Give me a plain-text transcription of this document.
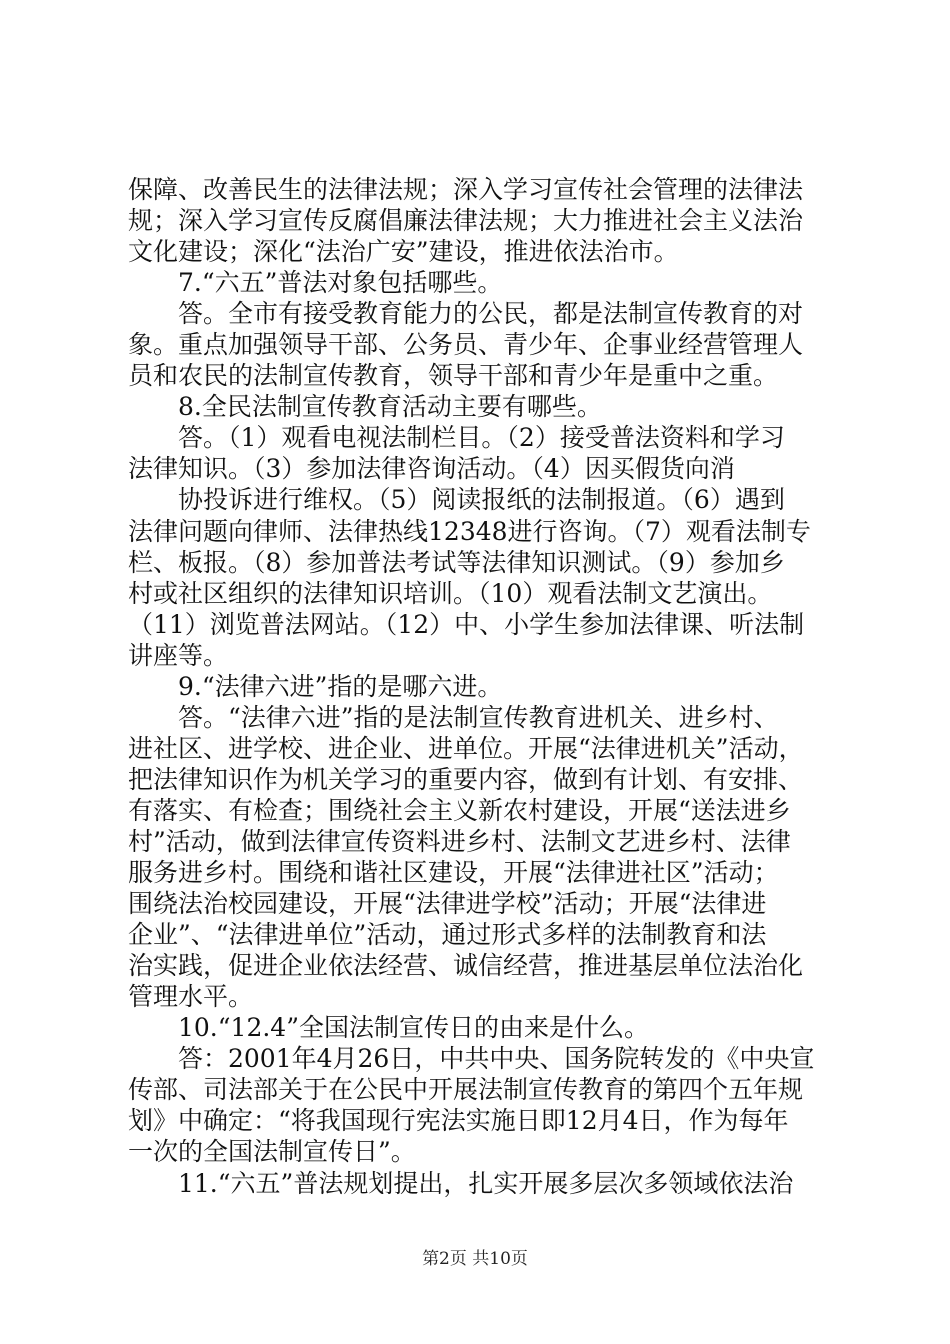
保障、改善民生的法律法规；深入学习宣传社会管理的法律法
规；深入学习宣传反腐倡廉法律法规；大力推进社会主义法治
文化建设；深化“法治广安”建设，推进依法治市。
7.“六五”普法对象包括哪些。
答。全市有接受教育能力的公民，都是法制宣传教育的对
象。重点加强领导干部、公务员、青少年、企事业经营管理人
员和农民的法制宣传教育，领导干部和青少年是重中之重。
8.全民法制宣传教育活动主要有哪些。
答。（1）观看电视法制栏目。（2）接受普法资料和学习
法律知识。（3）参加法律咨询活动。（4）因买假货向消
协投诉进行维权。（5）阅读报纸的法制报道。（6）遇到
法律问题向律师、法律热线12348进行咨询。（7）观看法制专
栏、板报。（8）参加普法考试等法律知识测试。（9）参加乡
村或社区组织的法律知识培训。（10）观看法制文艺演出。
（11）浏览普法网站。（12）中、小学生参加法律课、听法制
讲座等。
9.“法律六进”指的是哪六进。
答。“法律六进”指的是法制宣传教育进机关、进乡村、
进社区、进学校、进企业、进单位。开展“法律进机关”活动，
把法律知识作为机关学习的重要内容，做到有计划、有安排、
有落实、有检查；围绕社会主义新农村建设，开展“送法进乡
村”活动，做到法律宣传资料进乡村、法制文艺进乡村、法律
服务进乡村。围绕和谐社区建设，开展“法律进社区”活动；
围绕法治校园建设，开展“法律进学校”活动；开展“法律进
企业”、“法律进单位”活动，通过形式多样的法制教育和法
治实践，促进企业依法经营、诚信经营，推进基层单位法治化
管理水平。
10.“12.4”全国法制宣传日的由来是什么。
答：2001年4月26日，中共中央、国务院转发的《中央宣
传部、司法部关于在公民中开展法制宣传教育的第四个五年规
划》中确定：“将我国现行宪法实施日即12月4日，作为每年
一次的全国法制宣传日”。
11.“六五”普法规划提出，扎实开展多层次多领域依法治
第2页 共10页
